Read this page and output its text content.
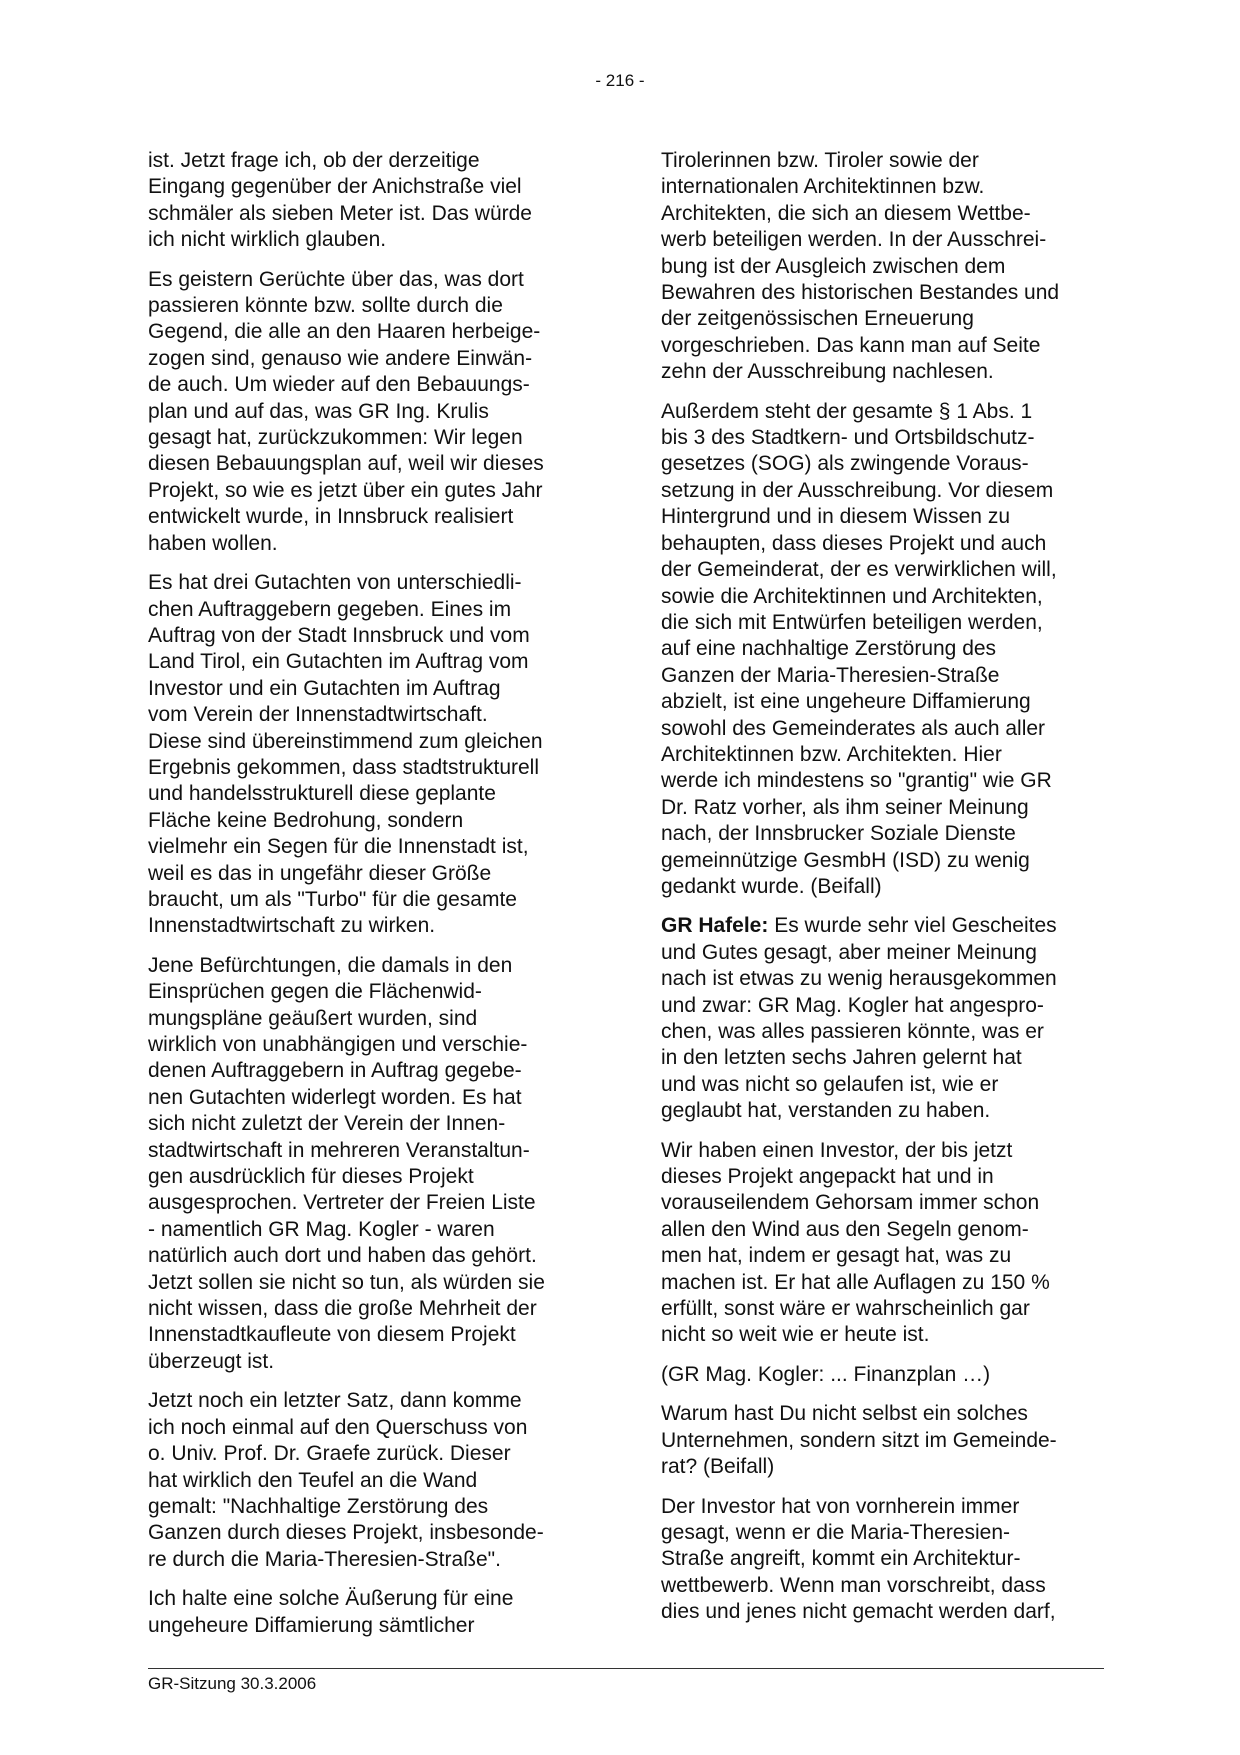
- 216 -

ist. Jetzt frage ich, ob der derzeitige
Eingang gegenüber der Anichstraße viel
schmäler als sieben Meter ist. Das würde
ich nicht wirklich glauben.

Es geistern Gerüchte über das, was dort
passieren könnte bzw. sollte durch die
Gegend, die alle an den Haaren herbeige-
zogen sind, genauso wie andere Einwän-
de auch. Um wieder auf den Bebauungs-
plan und auf das, was GR Ing. Krulis
gesagt hat, zurückzukommen: Wir legen
diesen Bebauungsplan auf, weil wir dieses
Projekt, so wie es jetzt über ein gutes Jahr
entwickelt wurde, in Innsbruck realisiert
haben wollen.

Es hat drei Gutachten von unterschiedli-
chen Auftraggebern gegeben. Eines im
Auftrag von der Stadt Innsbruck und vom
Land Tirol, ein Gutachten im Auftrag vom
Investor und ein Gutachten im Auftrag
vom Verein der Innenstadtwirtschaft.
Diese sind übereinstimmend zum gleichen
Ergebnis gekommen, dass stadtstrukturell
und handelsstrukturell diese geplante
Fläche keine Bedrohung, sondern
vielmehr ein Segen für die Innenstadt ist,
weil es das in ungefähr dieser Größe
braucht, um als "Turbo" für die gesamte
Innenstadtwirtschaft zu wirken.

Jene Befürchtungen, die damals in den
Einsprüchen gegen die Flächenwid-
mungspläne geäußert wurden, sind
wirklich von unabhängigen und verschie-
denen Auftraggebern in Auftrag gegebe-
nen Gutachten widerlegt worden. Es hat
sich nicht zuletzt der Verein der Innen-
stadtwirtschaft in mehreren Veranstaltun-
gen ausdrücklich für dieses Projekt
ausgesprochen. Vertreter der Freien Liste
- namentlich GR Mag. Kogler - waren
natürlich auch dort und haben das gehört.
Jetzt sollen sie nicht so tun, als würden sie
nicht wissen, dass die große Mehrheit der
Innenstadtkaufleute von diesem Projekt
überzeugt ist.

Jetzt noch ein letzter Satz, dann komme
ich noch einmal auf den Querschuss von
o. Univ. Prof. Dr. Graefe zurück. Dieser
hat wirklich den Teufel an die Wand
gemalt: "Nachhaltige Zerstörung des
Ganzen durch dieses Projekt, insbesonde-
re durch die Maria-Theresien-Straße".

Ich halte eine solche Äußerung für eine
ungeheure Diffamierung sämtlicher

Tirolerinnen bzw. Tiroler sowie der
internationalen Architektinnen bzw.
Architekten, die sich an diesem Wettbe-
werb beteiligen werden. In der Ausschrei-
bung ist der Ausgleich zwischen dem
Bewahren des historischen Bestandes und
der zeitgenössischen Erneuerung
vorgeschrieben. Das kann man auf Seite
zehn der Ausschreibung nachlesen.

Außerdem steht der gesamte § 1 Abs. 1
bis 3 des Stadtkern- und Ortsbildschutz-
gesetzes (SOG) als zwingende Voraus-
setzung in der Ausschreibung. Vor diesem
Hintergrund und in diesem Wissen zu
behaupten, dass dieses Projekt und auch
der Gemeinderat, der es verwirklichen will,
sowie die Architektinnen und Architekten,
die sich mit Entwürfen beteiligen werden,
auf eine nachhaltige Zerstörung des
Ganzen der Maria-Theresien-Straße
abzielt, ist eine ungeheure Diffamierung
sowohl des Gemeinderates als auch aller
Architektinnen bzw. Architekten. Hier
werde ich mindestens so "grantig" wie GR
Dr. Ratz vorher, als ihm seiner Meinung
nach, der Innsbrucker Soziale Dienste
gemeinnützige GesmbH (ISD) zu wenig
gedankt wurde. (Beifall)

GR Hafele: Es wurde sehr viel Gescheites
und Gutes gesagt, aber meiner Meinung
nach ist etwas zu wenig herausgekommen
und zwar: GR Mag. Kogler hat angespro-
chen, was alles passieren könnte, was er
in den letzten sechs Jahren gelernt hat
und was nicht so gelaufen ist, wie er
geglaubt hat, verstanden zu haben.

Wir haben einen Investor, der bis jetzt
dieses Projekt angepackt hat und in
vorauseilendem Gehorsam immer schon
allen den Wind aus den Segeln genom-
men hat, indem er gesagt hat, was zu
machen ist. Er hat alle Auflagen zu 150 %
erfüllt, sonst wäre er wahrscheinlich gar
nicht so weit wie er heute ist.

(GR Mag. Kogler: ... Finanzplan …)

Warum hast Du nicht selbst ein solches
Unternehmen, sondern sitzt im Gemeinde-
rat? (Beifall)

Der Investor hat von vornherein immer
gesagt, wenn er die Maria-Theresien-
Straße angreift, kommt ein Architektur-
wettbewerb. Wenn man vorschreibt, dass
dies und jenes nicht gemacht werden darf,

GR-Sitzung 30.3.2006
